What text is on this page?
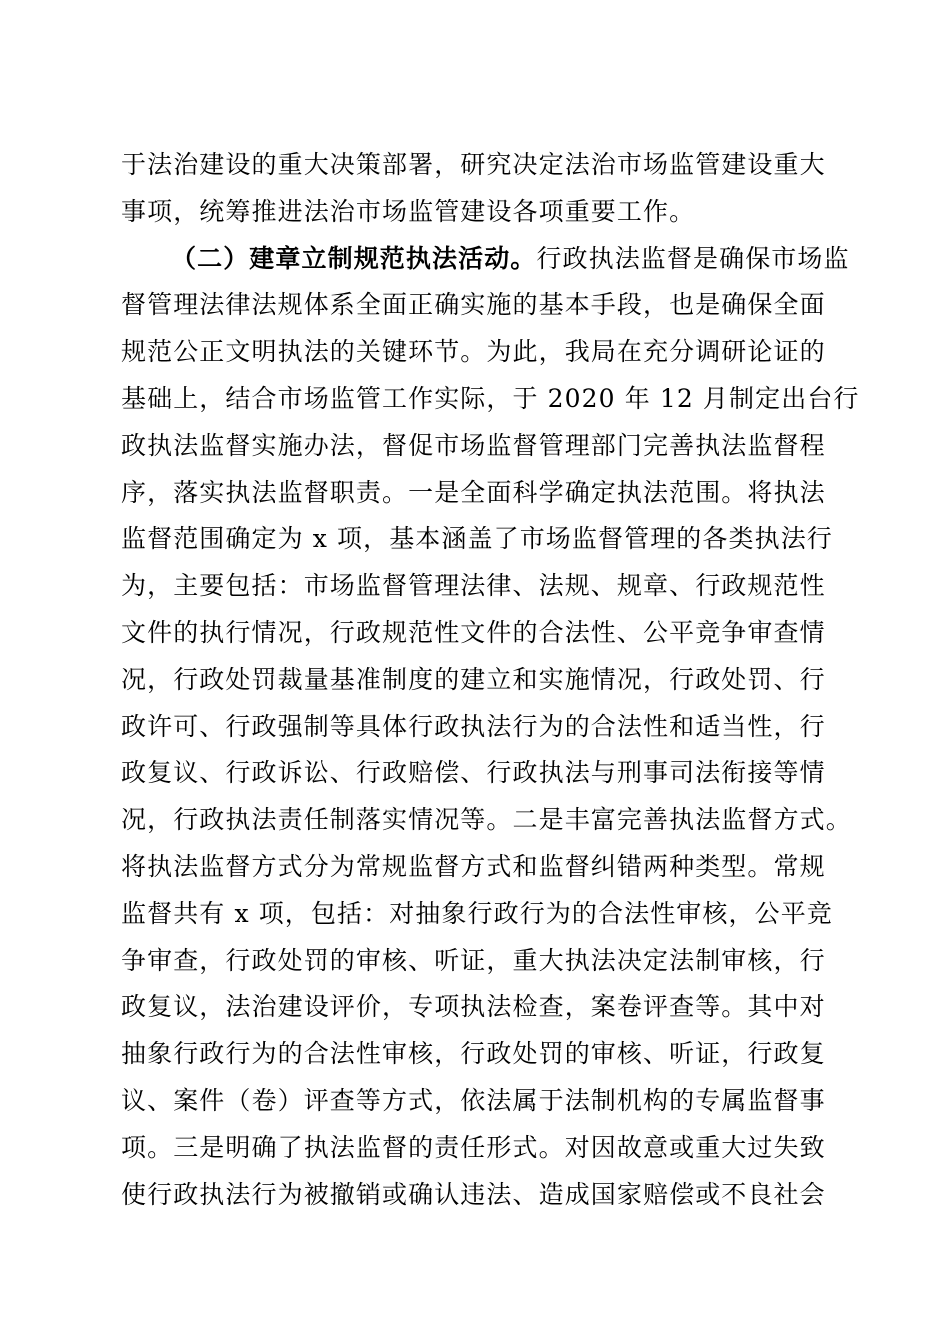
于法治建设的重大决策部署，研究决定法治市场监管建设重大
事项，统筹推进法治市场监管建设各项重要工作。
（二）建章立制规范执法活动。行政执法监督是确保市场监
督管理法律法规体系全面正确实施的基本手段，也是确保全面
规范公正文明执法的关键环节。为此，我局在充分调研论证的
基础上，结合市场监管工作实际，于 2020 年 12 月制定出台行
政执法监督实施办法，督促市场监督管理部门完善执法监督程
序，落实执法监督职责。一是全面科学确定执法范围。将执法
监督范围确定为 x 项，基本涵盖了市场监督管理的各类执法行
为，主要包括：市场监督管理法律、法规、规章、行政规范性
文件的执行情况，行政规范性文件的合法性、公平竞争审查情
况，行政处罚裁量基准制度的建立和实施情况，行政处罚、行
政许可、行政强制等具体行政执法行为的合法性和适当性，行
政复议、行政诉讼、行政赔偿、行政执法与刑事司法衔接等情
况，行政执法责任制落实情况等。二是丰富完善执法监督方式。
将执法监督方式分为常规监督方式和监督纠错两种类型。常规
监督共有 x 项，包括：对抽象行政行为的合法性审核，公平竞
争审查，行政处罚的审核、听证，重大执法决定法制审核，行
政复议，法治建设评价，专项执法检查，案卷评查等。其中对
抽象行政行为的合法性审核，行政处罚的审核、听证，行政复
议、案件（卷）评查等方式，依法属于法制机构的专属监督事
项。三是明确了执法监督的责任形式。对因故意或重大过失致
使行政执法行为被撤销或确认违法、造成国家赔偿或不良社会
